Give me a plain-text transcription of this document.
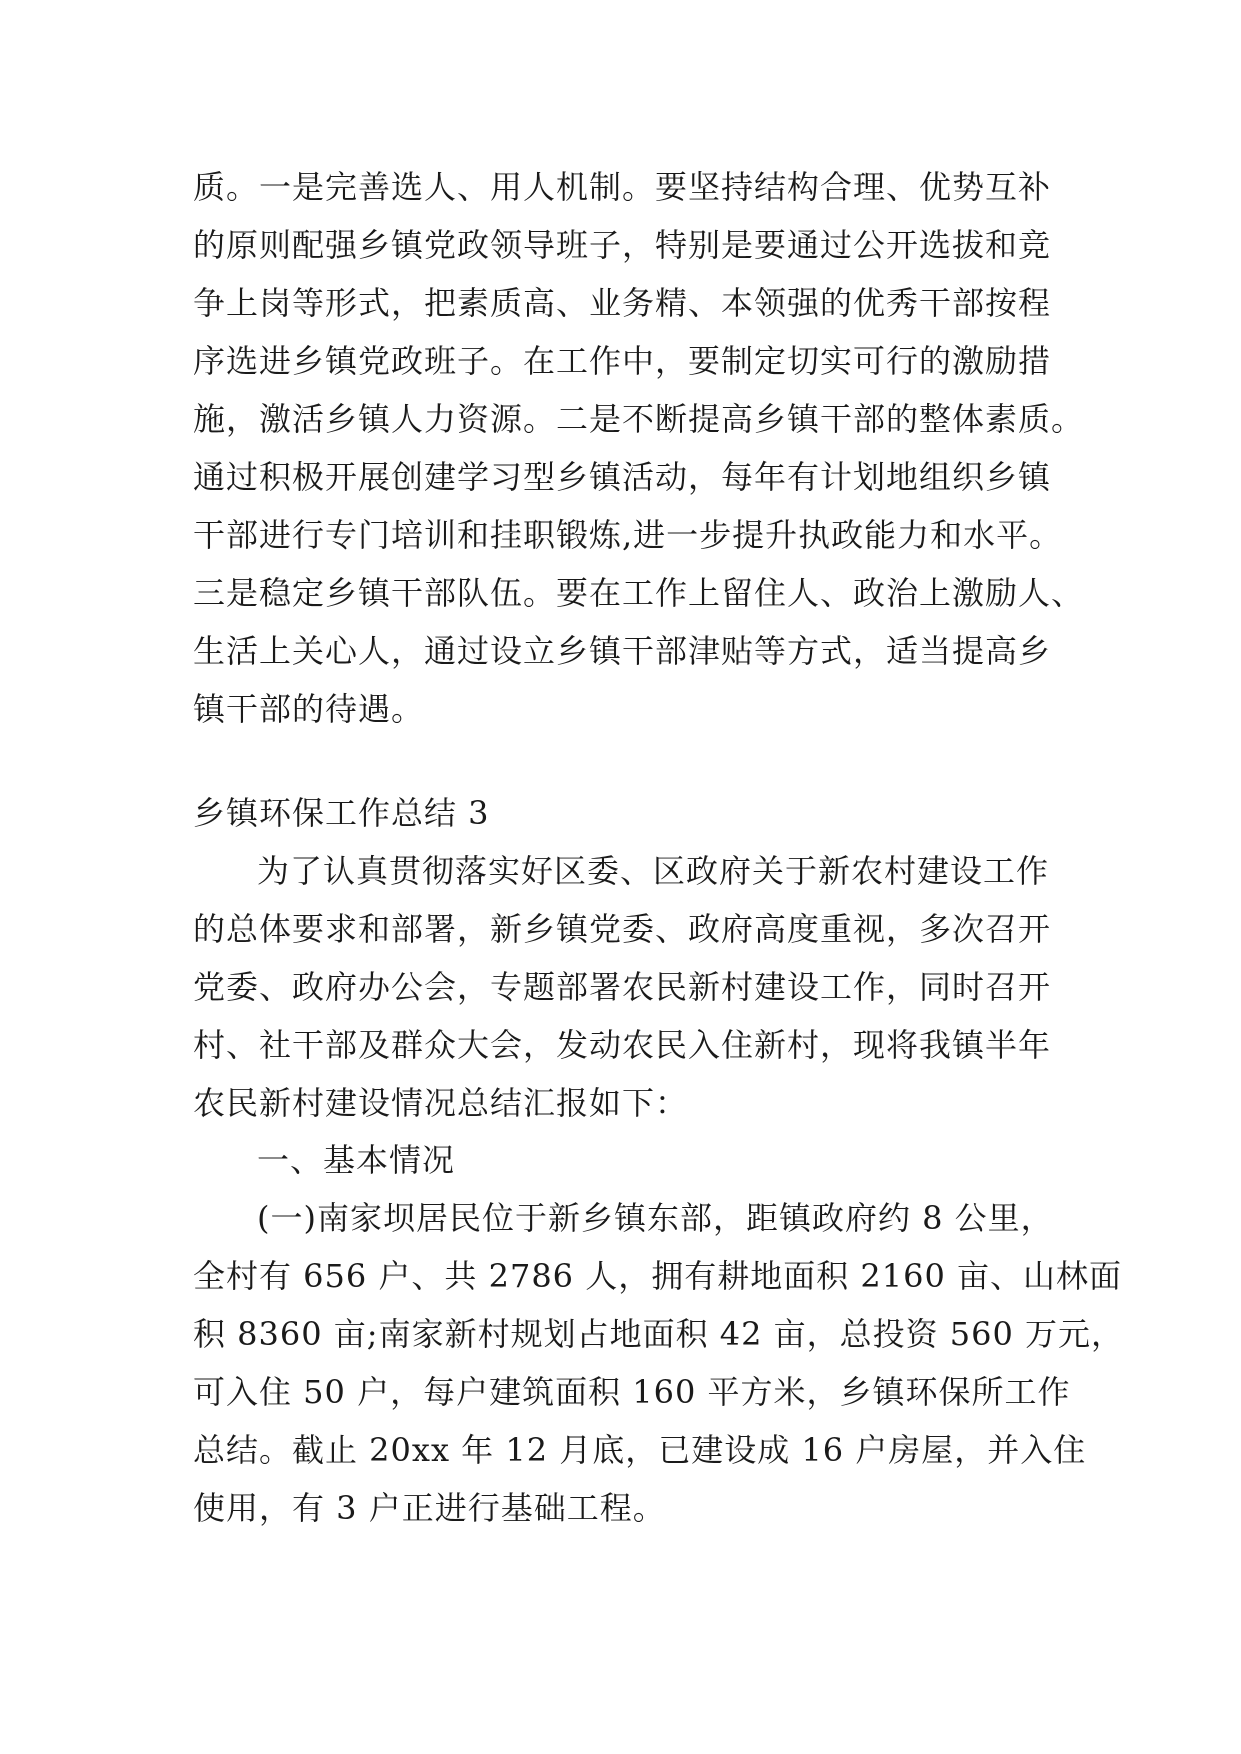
质。一是完善选人、用人机制。要坚持结构合理、优势互补
的原则配强乡镇党政领导班子，特别是要通过公开选拔和竞
争上岗等形式，把素质高、业务精、本领强的优秀干部按程
序选进乡镇党政班子。在工作中，要制定切实可行的激励措
施，激活乡镇人力资源。二是不断提高乡镇干部的整体素质。
通过积极开展创建学习型乡镇活动，每年有计划地组织乡镇
干部进行专门培训和挂职锻炼,进一步提升执政能力和水平。
三是稳定乡镇干部队伍。要在工作上留住人、政治上激励人、
生活上关心人，通过设立乡镇干部津贴等方式，适当提高乡
镇干部的待遇。
乡镇环保工作总结 3
为了认真贯彻落实好区委、区政府关于新农村建设工作
的总体要求和部署，新乡镇党委、政府高度重视，多次召开
党委、政府办公会，专题部署农民新村建设工作，同时召开
村、社干部及群众大会，发动农民入住新村，现将我镇半年
农民新村建设情况总结汇报如下：
一、基本情况
(一)南家坝居民位于新乡镇东部，距镇政府约 8 公里，
全村有 656 户、共 2786 人，拥有耕地面积 2160 亩、山林面
积 8360 亩;南家新村规划占地面积 42 亩，总投资 560 万元，
可入住 50 户，每户建筑面积 160 平方米，乡镇环保所工作
总结。截止 20xx 年 12 月底，已建设成 16 户房屋，并入住
使用，有 3 户正进行基础工程。
